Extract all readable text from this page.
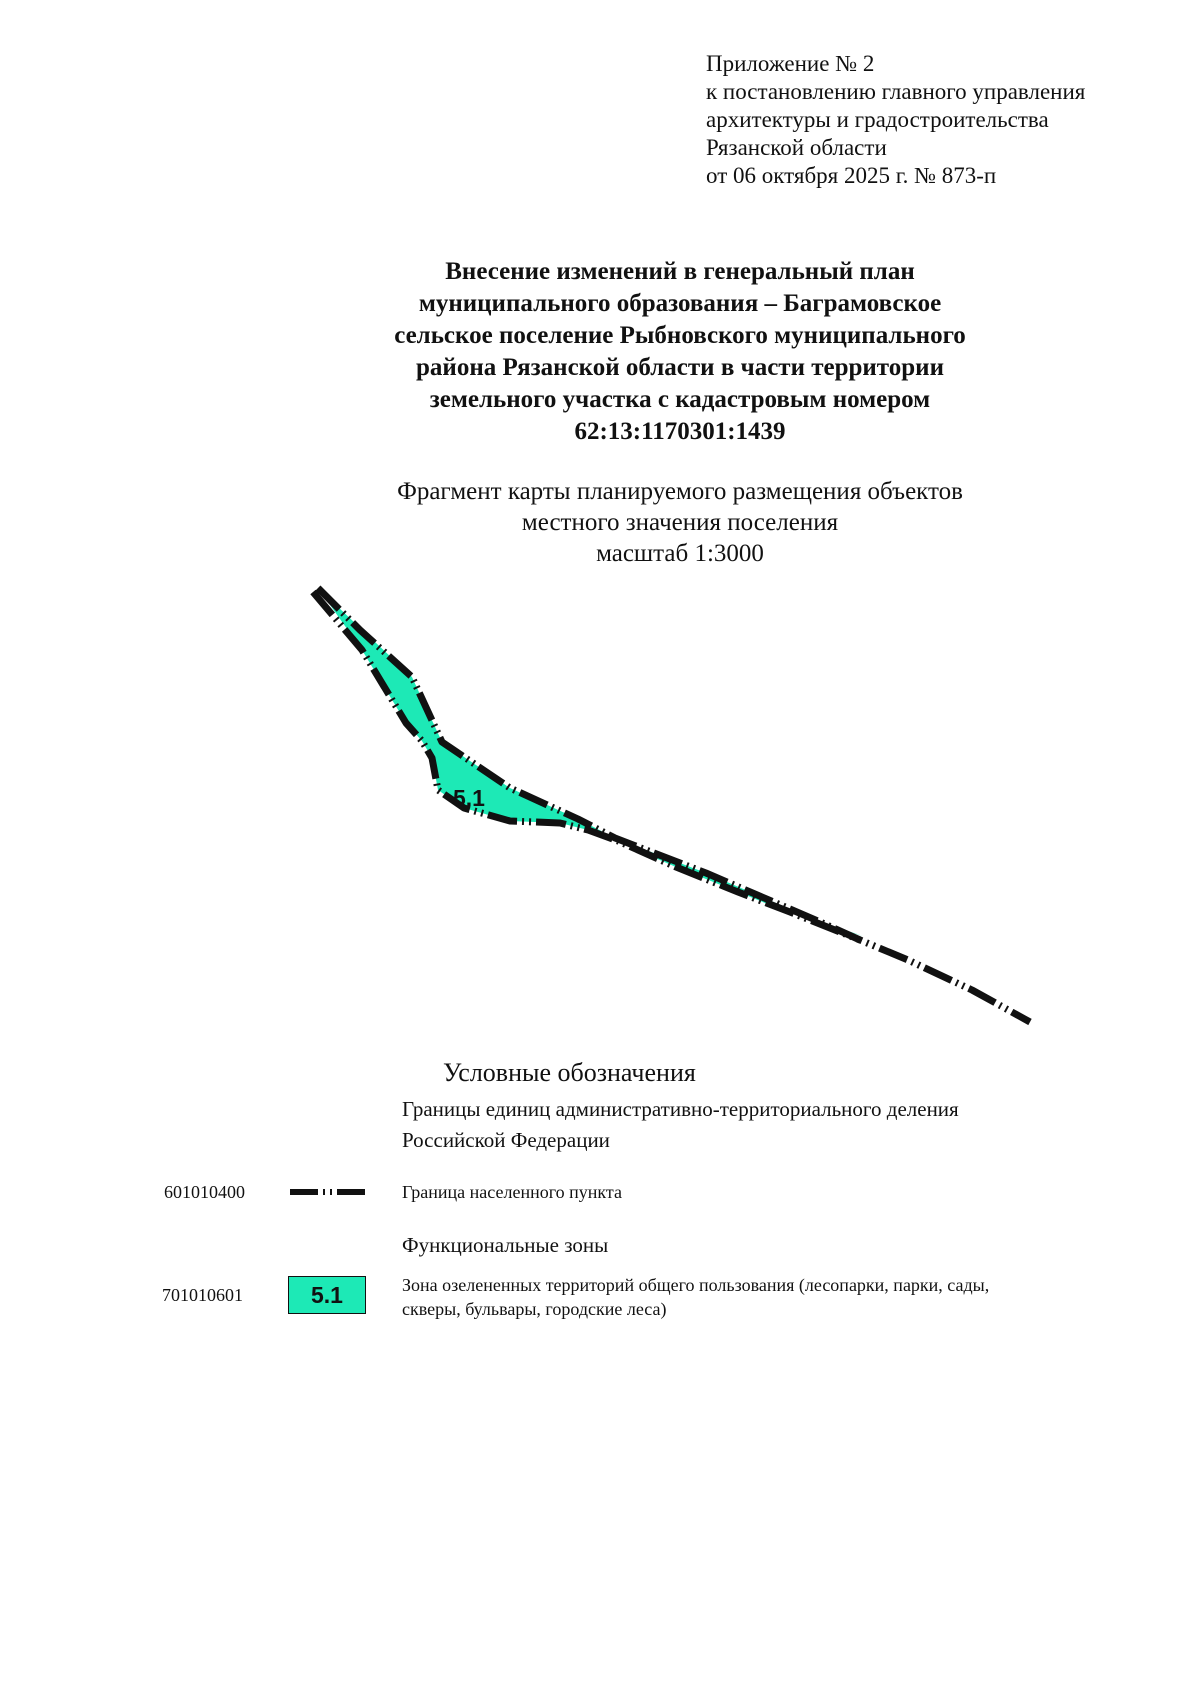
Приложение № 2
к постановлению главного управления
архитектуры и градостроительства
Рязанской области
от 06 октября 2025 г. № 873-п
Внесение изменений в генеральный план
муниципального образования – Баграмовское
сельское поселение Рыбновского муниципального
района Рязанской области в части территории
земельного участка с кадастровым номером
62:13:1170301:1439
Фрагмент карты планируемого размещения объектов
местного значения поселения
масштаб 1:3000
5.1
Условные обозначения
Границы единиц административно-территориального деления
Российской Федерации
601010400	Граница населенного пункта
Функциональные зоны
701010601	5.1	Зона озелененных территорий общего пользования (лесопарки, парки, сады,
скверы, бульвары, городские леса)
